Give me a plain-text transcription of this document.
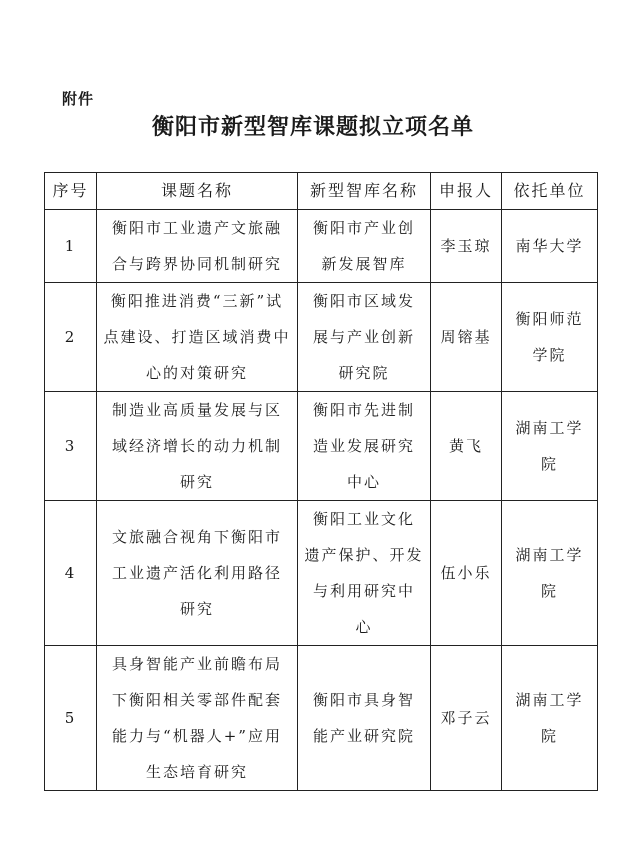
附件
衡阳市新型智库课题拟立项名单
序号	课题名称	新型智库名称	申报人	依托单位
1	衡阳市工业遗产文旅融
合与跨界协同机制研究	衡阳市产业创
新发展智库	李玉琼	南华大学

2	衡阳推进消费“三新”试
点建设、打造区域消费中
心的对策研究	衡阳市区域发
展与产业创新
研究院	周镕基	衡阳师范
学院

3	制造业高质量发展与区
域经济增长的动力机制
研究	衡阳市先进制
造业发展研究
中心	黄飞	湖南工学
院

4	文旅融合视角下衡阳市
工业遗产活化利用路径
研究	衡阳工业文化
遗产保护、开发
与利用研究中
心	伍小乐	湖南工学
院

5	具身智能产业前瞻布局
下衡阳相关零部件配套
能力与“机器人+”应用
生态培育研究	衡阳市具身智
能产业研究院	邓子云	湖南工学
院
